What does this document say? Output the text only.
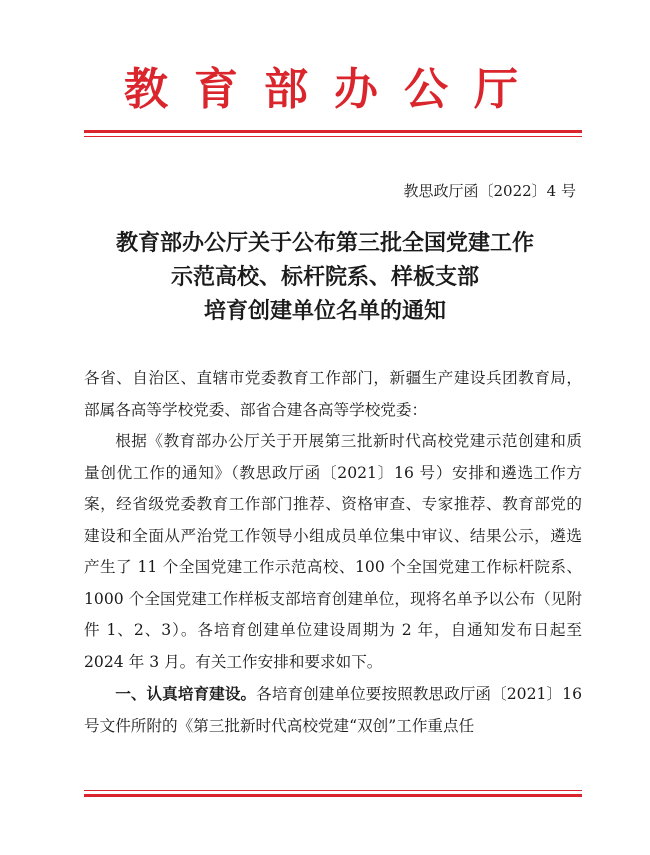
教育部办公厅
教思政厅函〔2022〕4 号
教育部办公厅关于公布第三批全国党建工作
示范高校、标杆院系、样板支部
培育创建单位名单的通知

各省、自治区、直辖市党委教育工作部门，新疆生产建设兵团教育局，部属各高等学校党委、部省合建各高等学校党委：

根据《教育部办公厅关于开展第三批新时代高校党建示范创建和质量创优工作的通知》（教思政厅函〔2021〕16 号）安排和遴选工作方案，经省级党委教育工作部门推荐、资格审查、专家推荐、教育部党的建设和全面从严治党工作领导小组成员单位集中审议、结果公示，遴选产生了 11 个全国党建工作示范高校、100 个全国党建工作标杆院系、1000 个全国党建工作样板支部培育创建单位，现将名单予以公布（见附件 1、2、3）。各培育创建单位建设周期为 2 年，自通知发布日起至 2024 年 3 月。有关工作安排和要求如下。

一、认真培育建设。各培育创建单位要按照教思政厅函〔2021〕16 号文件所附的《第三批新时代高校党建“双创”工作重点任
